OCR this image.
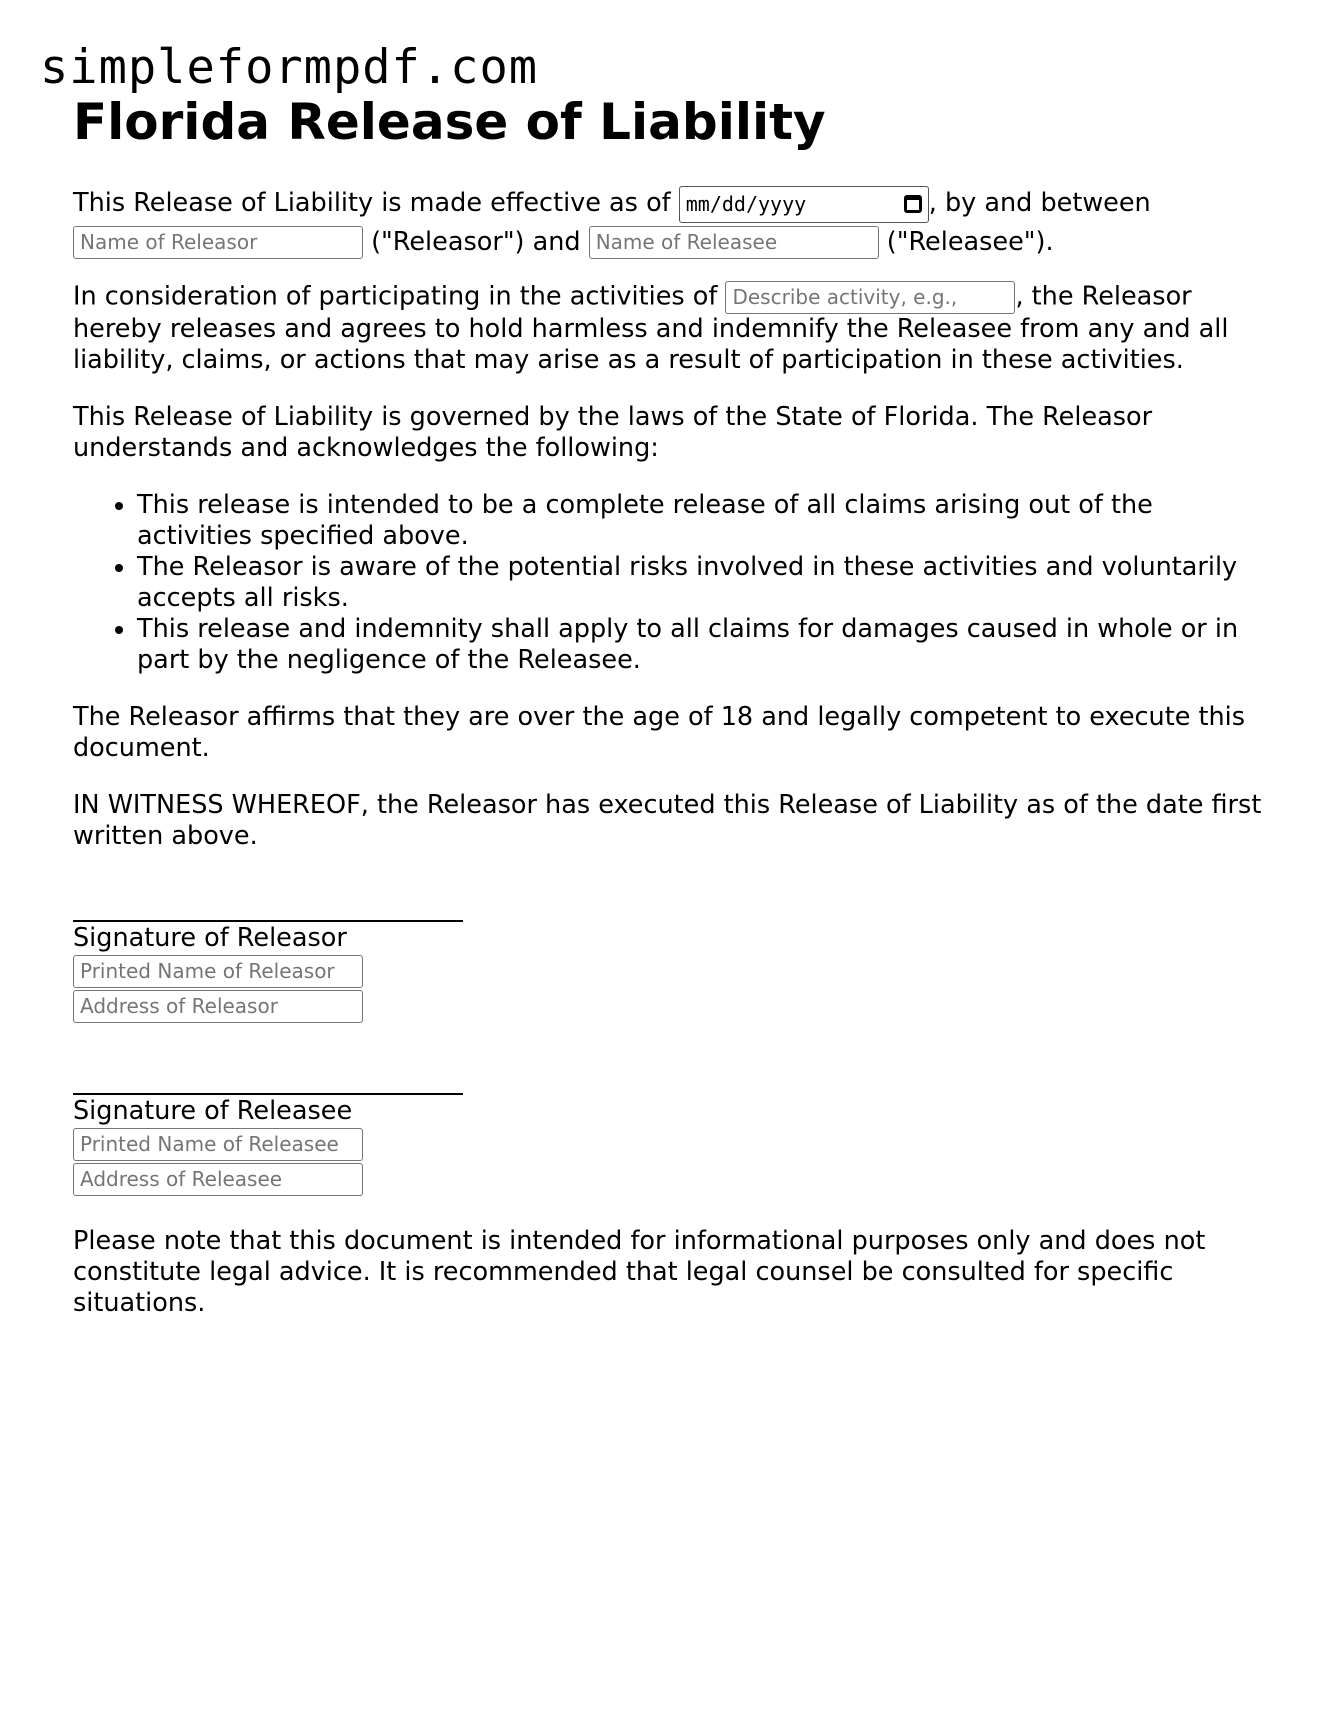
simpleformpdf.com
Florida Release of Liability

This Release of Liability is made effective as of mm/dd/yyyy	, by and between
Name of Releasor	("Releasor") and Name of Releasee	("Releasee").

In consideration of participating in the activities of Describe activity, e.g., , the Releasor hereby releases and agrees to hold harmless and indemnify the Releasee from any and all liability, claims, or actions that may arise as a result of participation in these activities.

This Release of Liability is governed by the laws of the State of Florida. The Releasor understands and acknowledges the following:

• This release is intended to be a complete release of all claims arising out of the activities specified above.
• The Releasor is aware of the potential risks involved in these activities and voluntarily accepts all risks.
• This release and indemnity shall apply to all claims for damages caused in whole or in part by the negligence of the Releasee.

The Releasor affirms that they are over the age of 18 and legally competent to execute this document.

IN WITNESS WHEREOF, the Releasor has executed this Release of Liability as of the date first written above.

Signature of Releasor
Printed Name of Releasor
Address of Releasor
Signature of Releasee
Printed Name of Releasee
Address of Releasee

Please note that this document is intended for informational purposes only and does not constitute legal advice. It is recommended that legal counsel be consulted for specific situations.
